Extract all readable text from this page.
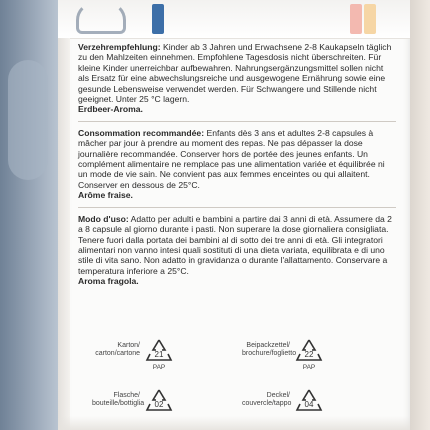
Verzehrempfehlung: Kinder ab 3 Jahren und Erwachsene 2-8 Kaukapseln täglich zu den Mahlzeiten einnehmen. Empfohlene Tagesdosis nicht überschreiten. Für kleine Kinder unerreichbar aufbewahren. Nahrungsergänzungsmittel sollen nicht als Ersatz für eine abwechslungsreiche und ausgewogene Ernährung sowie eine gesunde Lebensweise verwendet werden. Für Schwangere und Stillende nicht geeignet. Unter 25 °C lagern.

Erdbeer-Aroma.

Consommation recommandée: Enfants dès 3 ans et adultes 2-8 capsules à mâcher par jour à prendre au moment des repas. Ne pas dépasser la dose journalière recommandée. Conserver hors de portée des jeunes enfants. Un complément alimentaire ne remplace pas une alimentation variée et équilibrée ni un mode de vie sain. Ne convient pas aux femmes enceintes ou qui allaitent. Conserver en dessous de 25°C.

Arôme fraise.

Modo d'uso: Adatto per adulti e bambini a partire dai 3 anni di età. Assumere da 2 a 8 capsule al giorno durante i pasti. Non superare la dose giornaliera consigliata. Tenere fuori dalla portata dei bambini al di sotto dei tre anni di età. Gli integratori alimentari non vanno intesi quali sostituti di una dieta variata, equilibrata e di uno stile di vita sano. Non adatto in gravidanza o durante l'allattamento. Conservare a temperatura inferiore a 25°C.

Aroma fragola.

Karton/
carton/cartone 21
PAP
Beipackzettel/
brochure/foglietto 22
PAP
Flasche/
bouteille/bottiglia 02
Deckel/
couvercle/tappo 04
